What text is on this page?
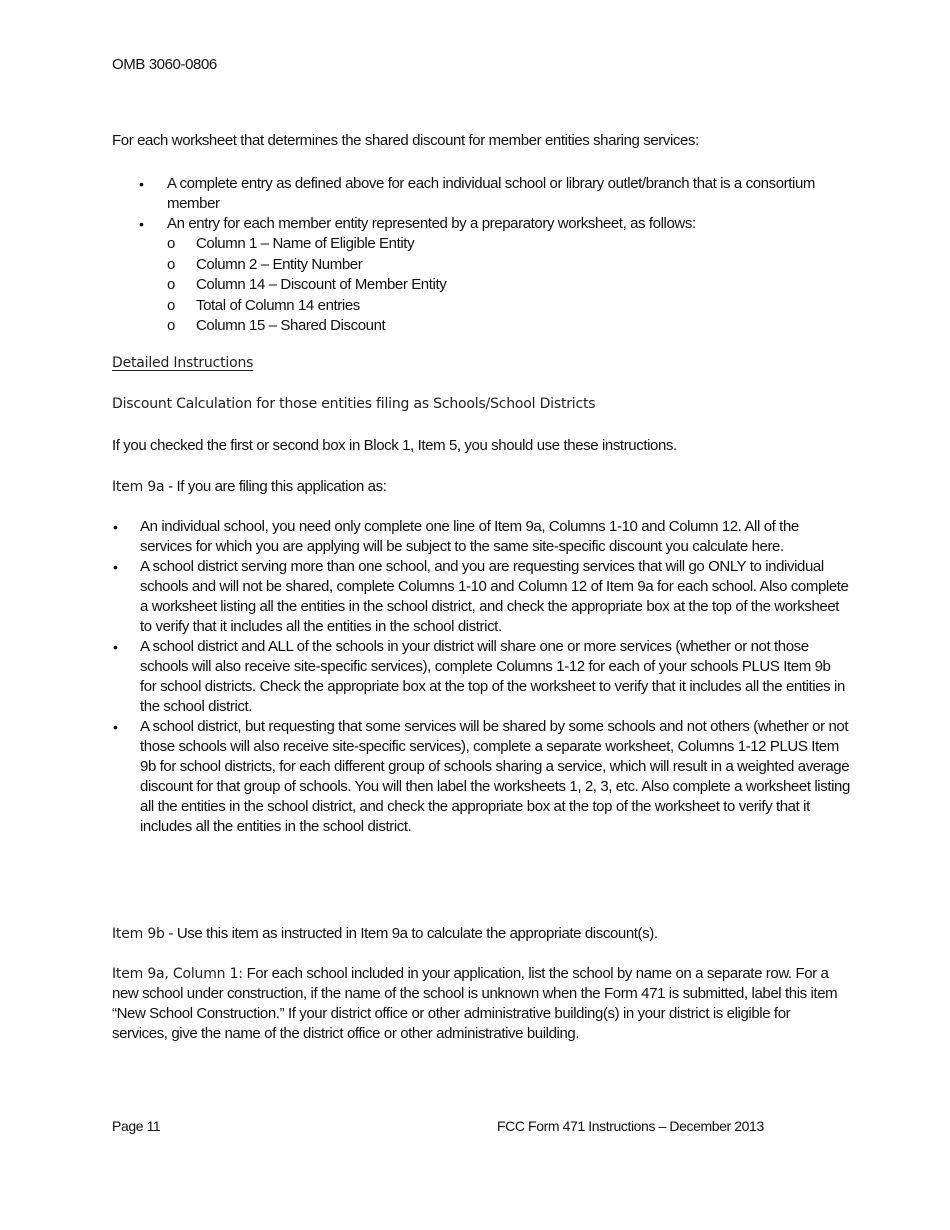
OMB 3060-0806

For each worksheet that determines the shared discount for member entities sharing services:

• A complete entry as defined above for each individual school or library outlet/branch that is a consortium member
• An entry for each member entity represented by a preparatory worksheet, as follows:
o Column 1 – Name of Eligible Entity
o Column 2 – Entity Number
o Column 14 – Discount of Member Entity
o Total of Column 14 entries
o Column 15 – Shared Discount
Detailed Instructions
Discount Calculation for those entities filing as Schools/School Districts

If you checked the first or second box in Block 1, Item 5, you should use these instructions.

Item 9a - If you are filing this application as:

• An individual school, you need only complete one line of Item 9a, Columns 1-10 and Column 12. All of the services for which you are applying will be subject to the same site-specific discount you calculate here.
• A school district serving more than one school, and you are requesting services that will go ONLY to individual schools and will not be shared, complete Columns 1-10 and Column 12 of Item 9a for each school. Also complete a worksheet listing all the entities in the school district, and check the appropriate box at the top of the worksheet to verify that it includes all the entities in the school district.
• A school district and ALL of the schools in your district will share one or more services (whether or not those schools will also receive site-specific services), complete Columns 1-12 for each of your schools PLUS Item 9b for school districts. Check the appropriate box at the top of the worksheet to verify that it includes all the entities in the school district.
• A school district, but requesting that some services will be shared by some schools and not others (whether or not those schools will also receive site-specific services), complete a separate worksheet, Columns 1-12 PLUS Item 9b for school districts, for each different group of schools sharing a service, which will result in a weighted average discount for that group of schools. You will then label the worksheets 1, 2, 3, etc. Also complete a worksheet listing all the entities in the school district, and check the appropriate box at the top of the worksheet to verify that it includes all the entities in the school district.

Item 9b - Use this item as instructed in Item 9a to calculate the appropriate discount(s).

Item 9a, Column 1: For each school included in your application, list the school by name on a separate row. For a new school under construction, if the name of the school is unknown when the Form 471 is submitted, label this item “New School Construction.” If your district office or other administrative building(s) in your district is eligible for services, give the name of the district office or other administrative building.

Page 11	FCC Form 471 Instructions – December 2013
